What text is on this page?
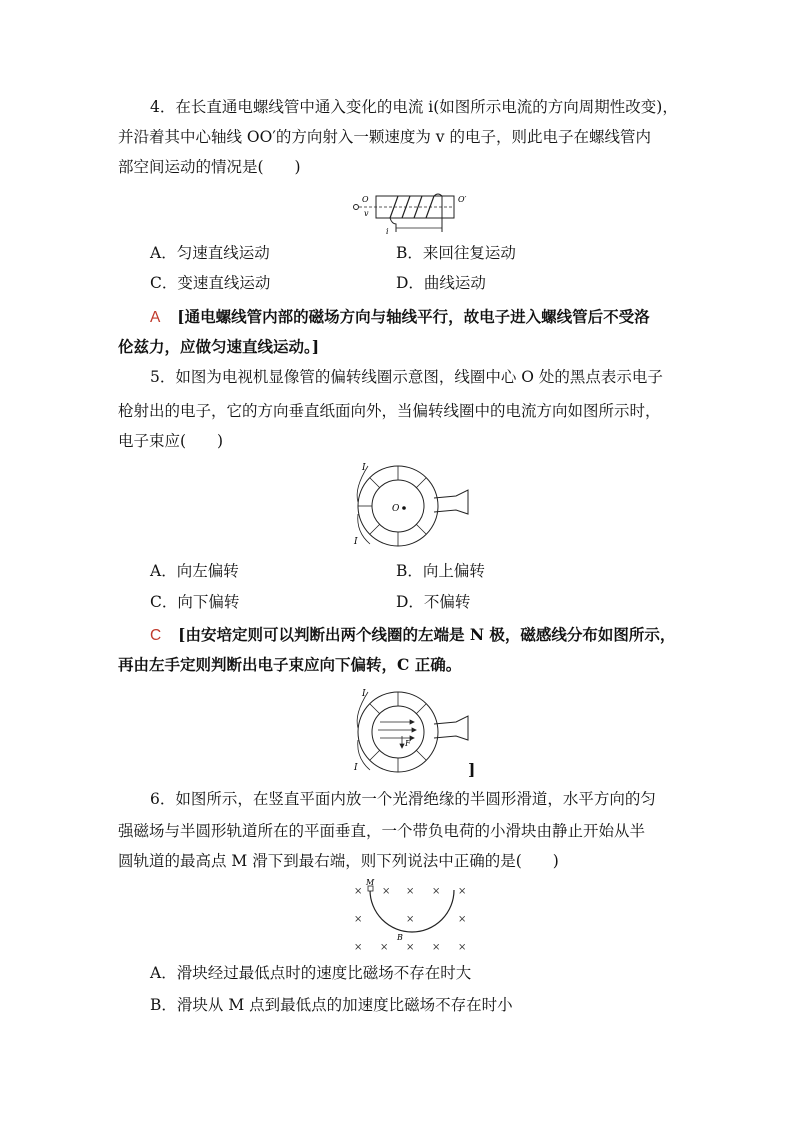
4．在长直通电螺线管中通入变化的电流 i(如图所示电流的方向周期性改变)，
并沿着其中心轴线 OO′的方向射入一颗速度为 v 的电子，则此电子在螺线管内
部空间运动的情况是(　　)
O
v
O′
i
A．匀速直线运动	B．来回往复运动
C．变速直线运动	D．曲线运动
A [通电螺线管内部的磁场方向与轴线平行，故电子进入螺线管后不受洛
伦兹力，应做匀速直线运动。]
5．如图为电视机显像管的偏转线圈示意图，线圈中心 O 处的黑点表示电子
枪射出的电子，它的方向垂直纸面向外，当偏转线圈中的电流方向如图所示时，
电子束应(　　)
I
I
O
A．向左偏转	B．向上偏转
C．向下偏转	D．不偏转
C [由安培定则可以判断出两个线圈的左端是 N 极，磁感线分布如图所示，
再由左手定则判断出电子束应向下偏转，C 正确。
I
I
F
]
6．如图所示，在竖直平面内放一个光滑绝缘的半圆形滑道，水平方向的匀
强磁场与半圆形轨道所在的平面垂直，一个带负电荷的小滑块由静止开始从半
圆轨道的最高点 M 滑下到最右端，则下列说法中正确的是(　　)
× × × × ×
×	×	×
× × × × ×
M
B
A．滑块经过最低点时的速度比磁场不存在时大
B．滑块从 M 点到最低点的加速度比磁场不存在时小
